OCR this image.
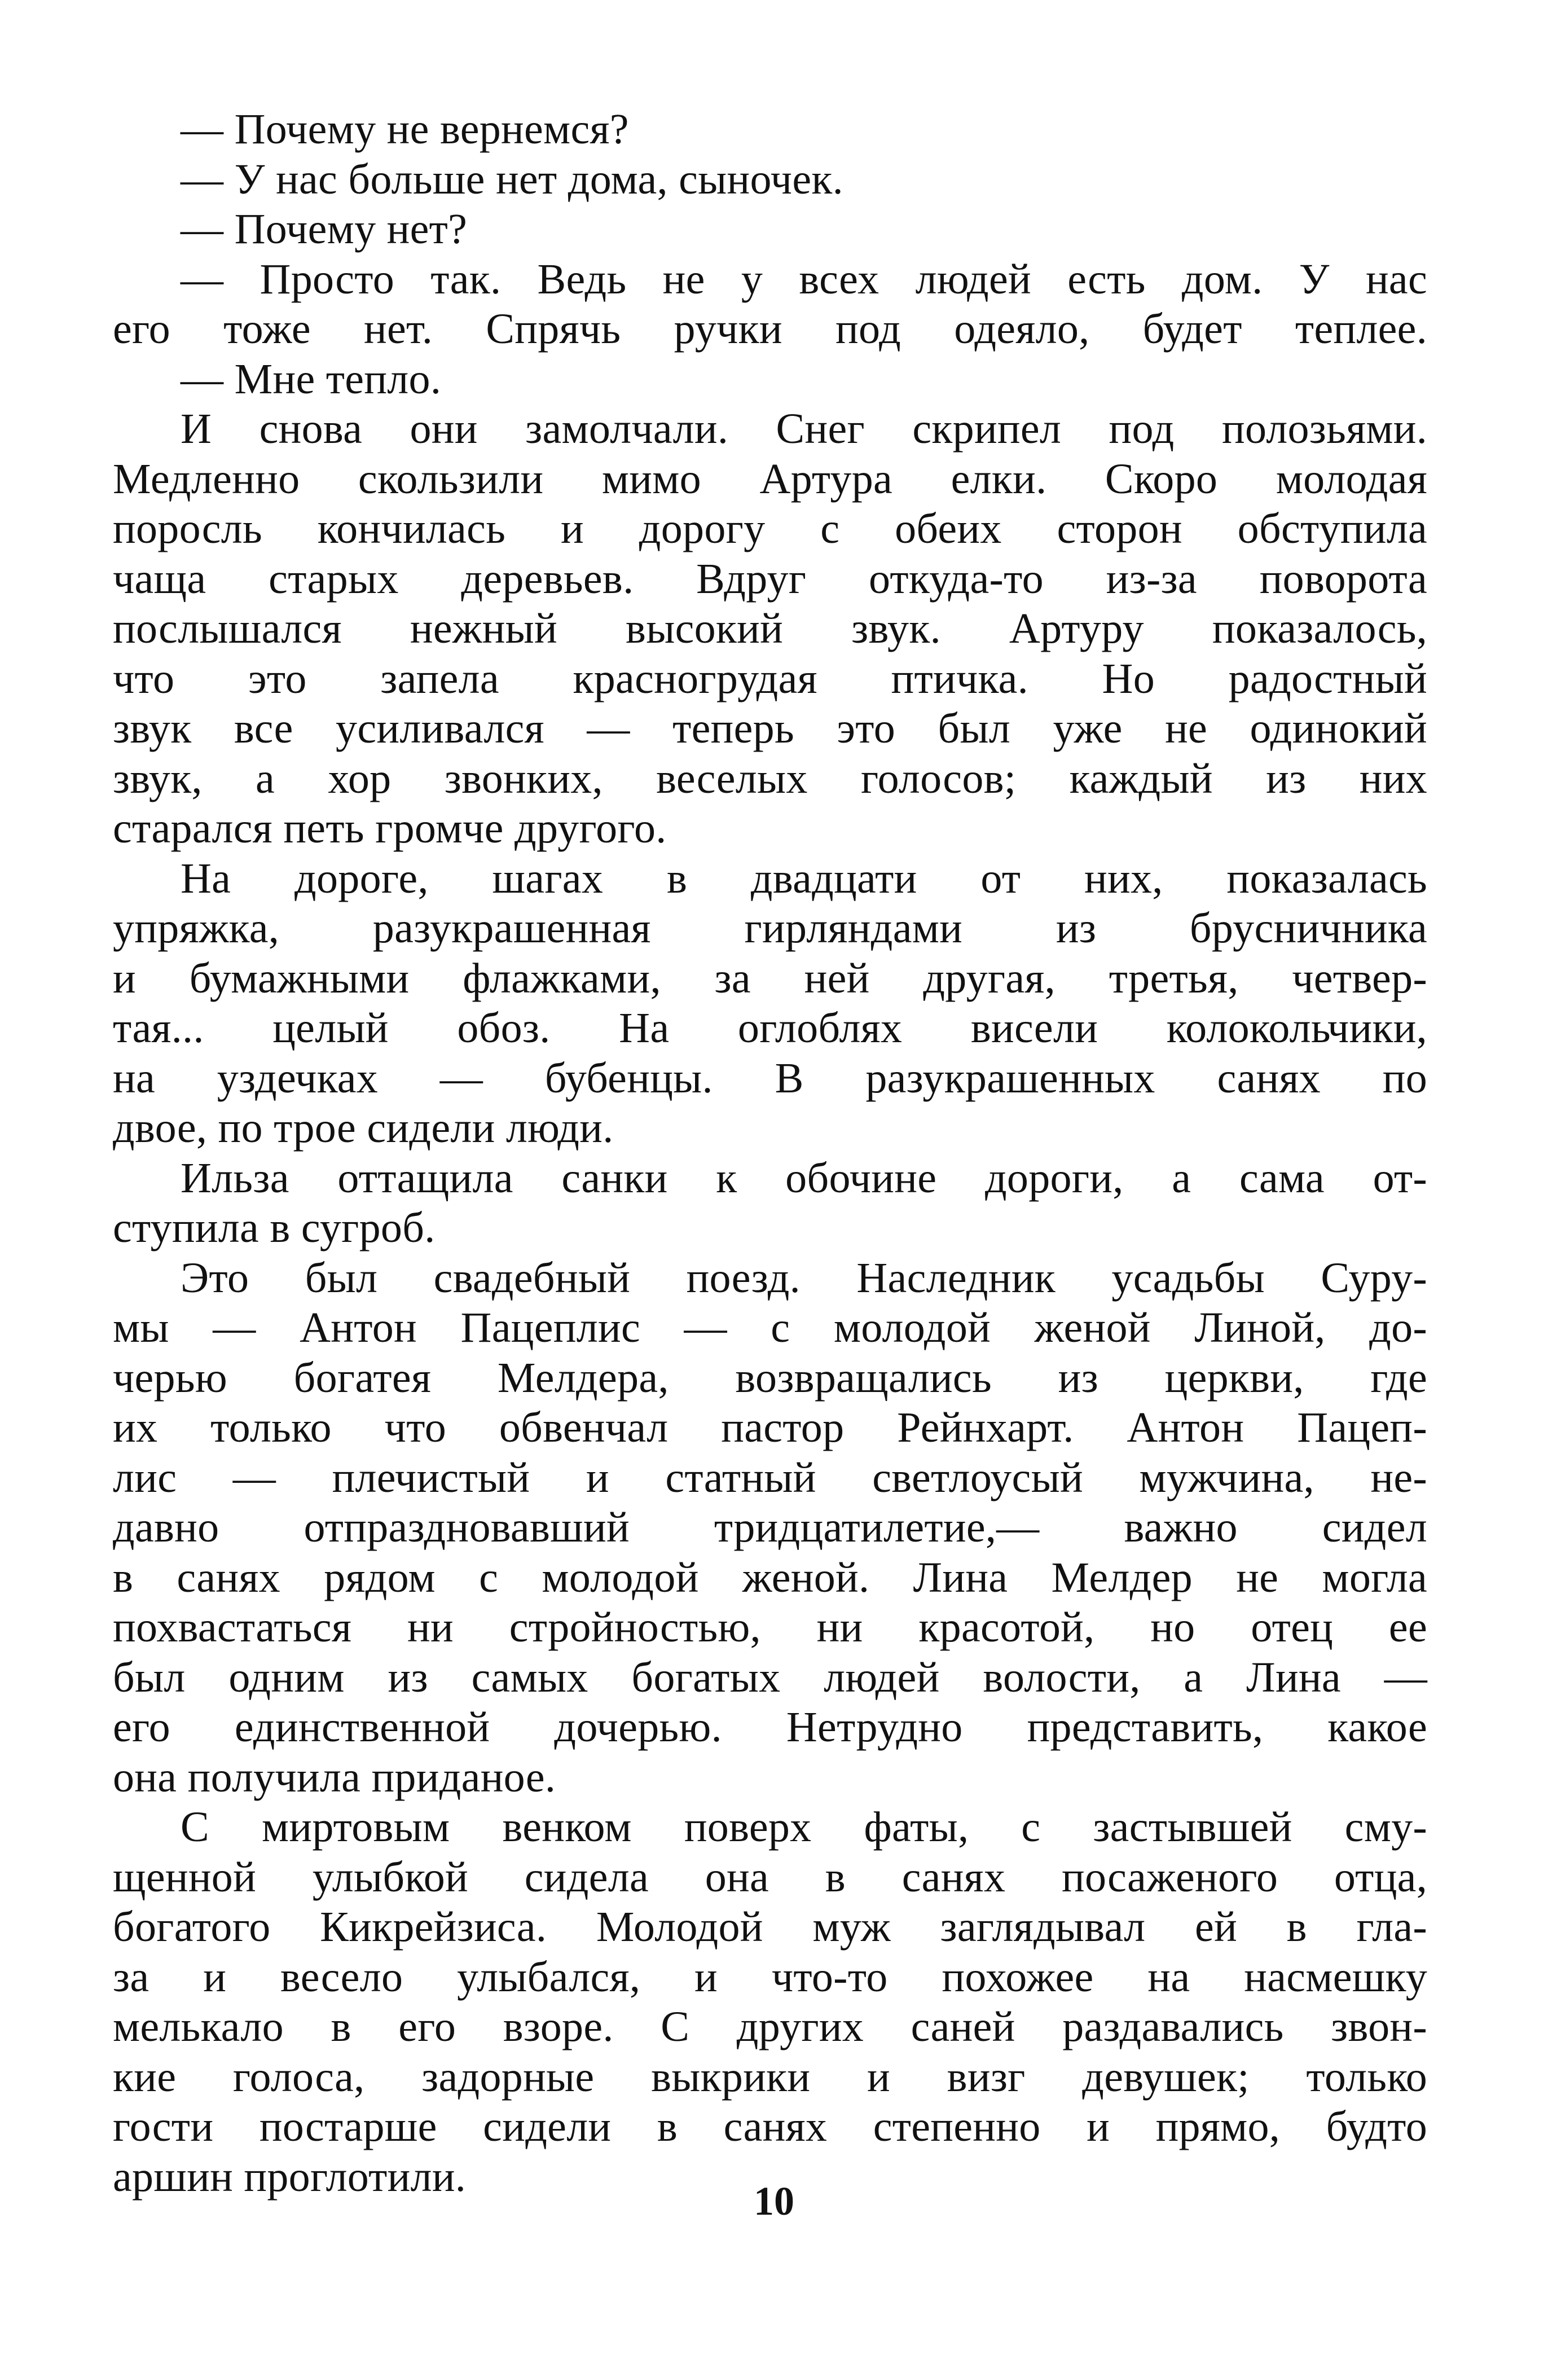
— Почему не вернемся?
— У нас больше нет дома, сыночек.
— Почему нет?
— Просто так. Ведь не у всех людей есть дом. У нас
его тоже нет. Спрячь ручки под одеяло, будет теплее.
— Мне тепло.
И снова они замолчали. Снег скрипел под полозьями.
Медленно скользили мимо Артура елки. Скоро молодая
поросль кончилась и дорогу с обеих сторон обступила
чаща старых деревьев. Вдруг откуда-то из-за поворота
послышался нежный высокий звук. Артуру показалось,
что это запела красногрудая птичка. Но радостный
звук все усиливался — теперь это был уже не одинокий
звук, а хор звонких, веселых голосов; каждый из них
старался петь громче другого.
На дороге, шагах в двадцати от них, показалась
упряжка, разукрашенная гирляндами из брусничника
и бумажными флажками, за ней другая, третья, четвер-
тая... целый обоз. На оглоблях висели колокольчики,
на уздечках — бубенцы. В разукрашенных санях по
двое, по трое сидели люди.
Ильза оттащила санки к обочине дороги, а сама от-
ступила в сугроб.
Это был свадебный поезд. Наследник усадьбы Суру-
мы — Антон Пацеплис — с молодой женой Линой, до-
черью богатея Мелдера, возвращались из церкви, где
их только что обвенчал пастор Рейнхарт. Антон Пацеп-
лис — плечистый и статный светлоусый мужчина, не-
давно отпраздновавший тридцатилетие,— важно сидел
в санях рядом с молодой женой. Лина Мелдер не могла
похвастаться ни стройностью, ни красотой, но отец ее
был одним из самых богатых людей волости, а Лина —
его единственной дочерью. Нетрудно представить, какое
она получила приданое.
С миртовым венком поверх фаты, с застывшей сму-
щенной улыбкой сидела она в санях посаженого отца,
богатого Кикрейзиса. Молодой муж заглядывал ей в гла-
за и весело улыбался, и что-то похожее на насмешку
мелькало в его взоре. С других саней раздавались звон-
кие голоса, задорные выкрики и визг девушек; только
гости постарше сидели в санях степенно и прямо, будто
аршин проглотили.
10
